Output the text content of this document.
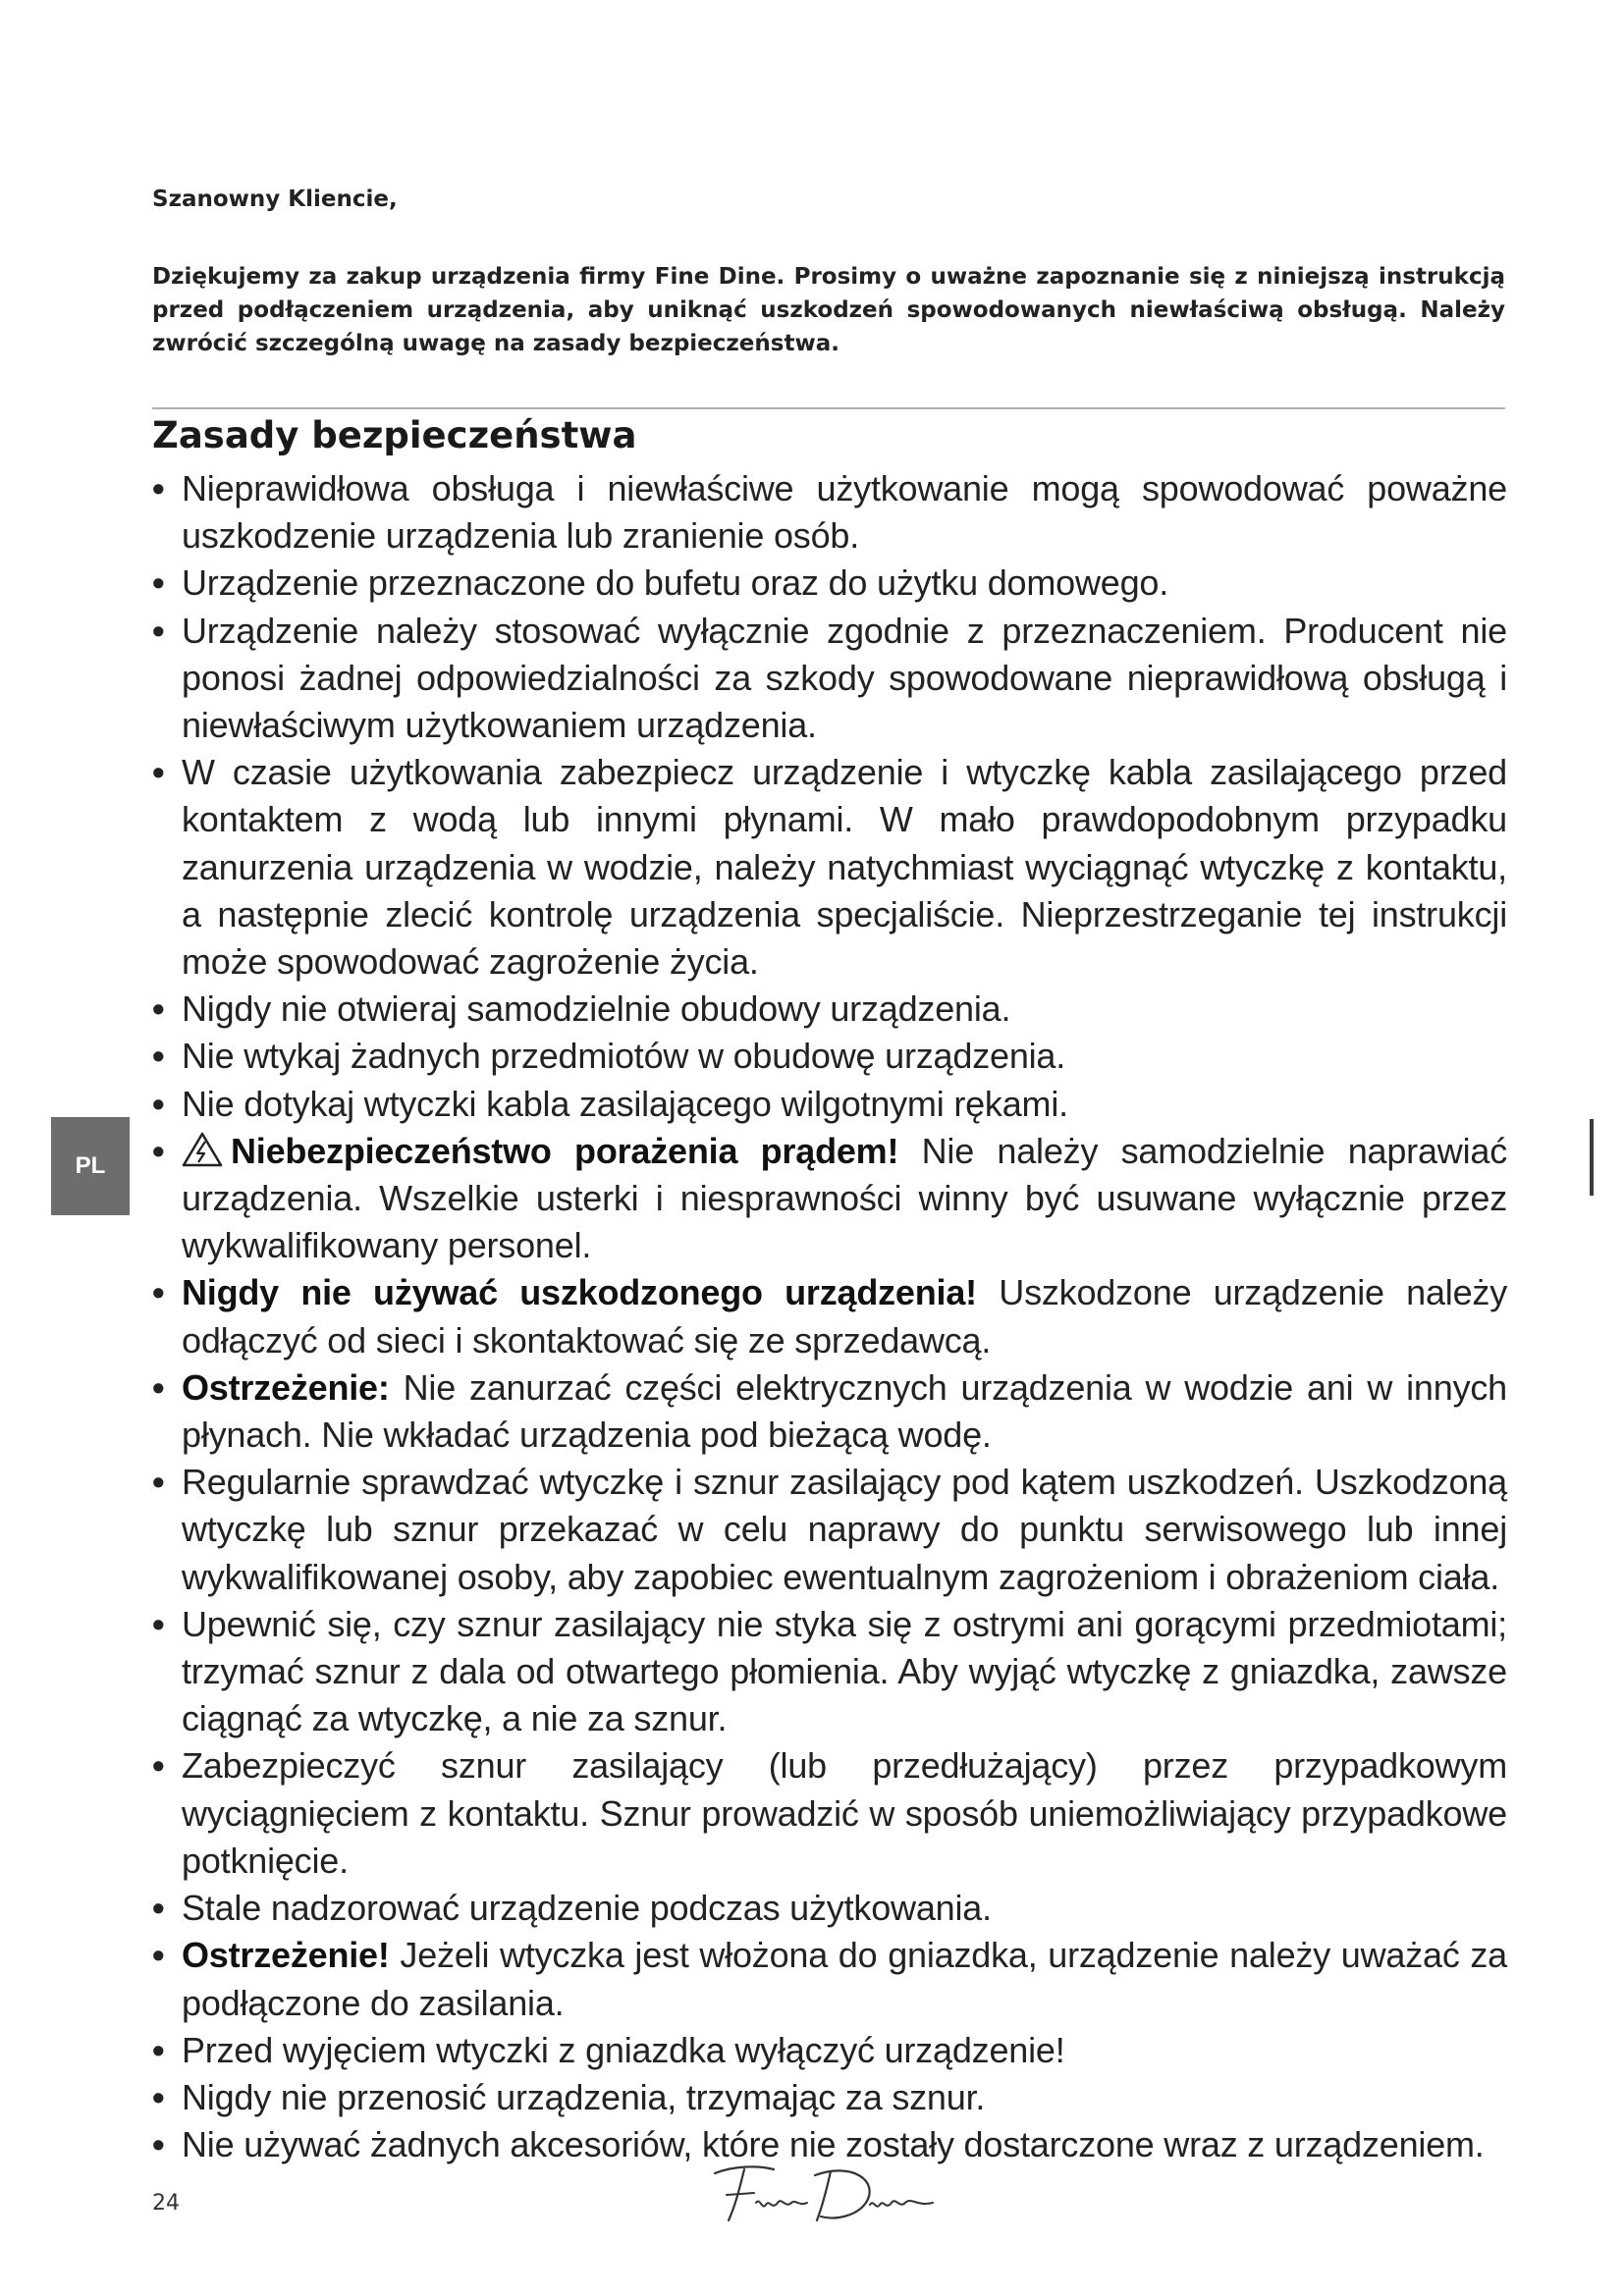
Szanowny Kliencie,
Dziękujemy za zakup urządzenia firmy Fine Dine. Prosimy o uważne zapoznanie się z niniejszą instrukcją przed podłączeniem urządzenia, aby uniknąć uszkodzeń spowodowanych niewłaściwą obsługą. Należy zwrócić szczególną uwagę na zasady bezpieczeństwa.
Zasady bezpieczeństwa
• Nieprawidłowa obsługa i niewłaściwe użytkowanie mogą spowodować poważne uszkodzenie urządzenia lub zranienie osób.
• Urządzenie przeznaczone do bufetu oraz do użytku domowego.
• Urządzenie należy stosować wyłącznie zgodnie z przeznaczeniem. Producent nie ponosi żadnej odpowiedzialności za szkody spowodowane nieprawidłową obsługą i niewłaściwym użytkowaniem urządzenia.
• W czasie użytkowania zabezpiecz urządzenie i wtyczkę kabla zasilającego przed kontaktem z wodą lub innymi płynami. W mało prawdopodobnym przypadku zanurzenia urządzenia w wodzie, należy natychmiast wyciągnąć wtyczkę z kontaktu, a następnie zlecić kontrolę urządzenia specjaliście. Nieprzestrzeganie tej instrukcji może spowodować zagrożenie życia.
• Nigdy nie otwieraj samodzielnie obudowy urządzenia.
• Nie wtykaj żadnych przedmiotów w obudowę urządzenia.
• Nie dotykaj wtyczki kabla zasilającego wilgotnymi rękami.
• Niebezpieczeństwo porażenia prądem! Nie należy samodzielnie naprawiać urządzenia. Wszelkie usterki i niesprawności winny być usuwane wyłącznie przez wykwalifikowany personel.
• Nigdy nie używać uszkodzonego urządzenia! Uszkodzone urządzenie należy odłączyć od sieci i skontaktować się ze sprzedawcą.
• Ostrzeżenie: Nie zanurzać części elektrycznych urządzenia w wodzie ani w innych płynach. Nie wkładać urządzenia pod bieżącą wodę.
• Regularnie sprawdzać wtyczkę i sznur zasilający pod kątem uszkodzeń. Uszkodzoną wtyczkę lub sznur przekazać w celu naprawy do punktu serwisowego lub innej wykwalifikowanej osoby, aby zapobiec ewentualnym zagrożeniom i obrażeniom ciała.
• Upewnić się, czy sznur zasilający nie styka się z ostrymi ani gorącymi przedmiotami; trzymać sznur z dala od otwartego płomienia. Aby wyjąć wtyczkę z gniazdka, zawsze ciągnąć za wtyczkę, a nie za sznur.
• Zabezpieczyć sznur zasilający (lub przedłużający) przez przypadkowym wyciągnięciem z kontaktu. Sznur prowadzić w sposób uniemożliwiający przypadkowe potknięcie.
• Stale nadzorować urządzenie podczas użytkowania.
• Ostrzeżenie! Jeżeli wtyczka jest włożona do gniazdka, urządzenie należy uważać za podłączone do zasilania.
• Przed wyjęciem wtyczki z gniazdka wyłączyć urządzenie!
• Nigdy nie przenosić urządzenia, trzymając za sznur.
• Nie używać żadnych akcesoriów, które nie zostały dostarczone wraz z urządzeniem.
PL
24
